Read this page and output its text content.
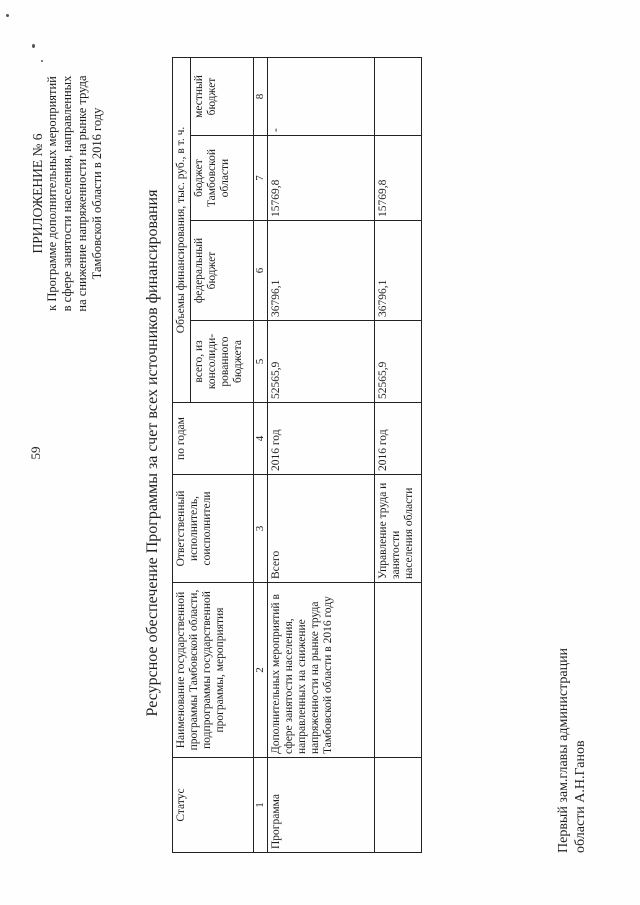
59
ПРИЛОЖЕНИЕ № 6 к Программе дополнительных мероприятий в сфере занятости населения, направленных на снижение напряженности на рынке труда Тамбовской области в 2016 году	Ресурсное обеспечение Программы за счет всех источников финансирования
Статус	Наименование государственной программы Тамбовской области, подпрограммы государственной программы, мероприятия	Ответственный исполнитель, соисполнители	по годам	Объемы финансирования, тыс. руб., в т. ч.			
				всего, из консолиди-рованного бюджета	федеральный бюджет	бюджет Тамбовской области	местный бюджет
1	2	3	4	5	6	7	8
Программа	Дополнительных мероприятий в сфере занятости населения, направленных на снижение напряженности на рынке труда Тамбовской области в 2016 году	Всего	2016 год	52565,9	36796,1	15769,8	-
		Управление труда и занятости населения области	2016 год	52565,9	36796,1	15769,8	
Первый зам.главы администрации области А.Н.Ганов
